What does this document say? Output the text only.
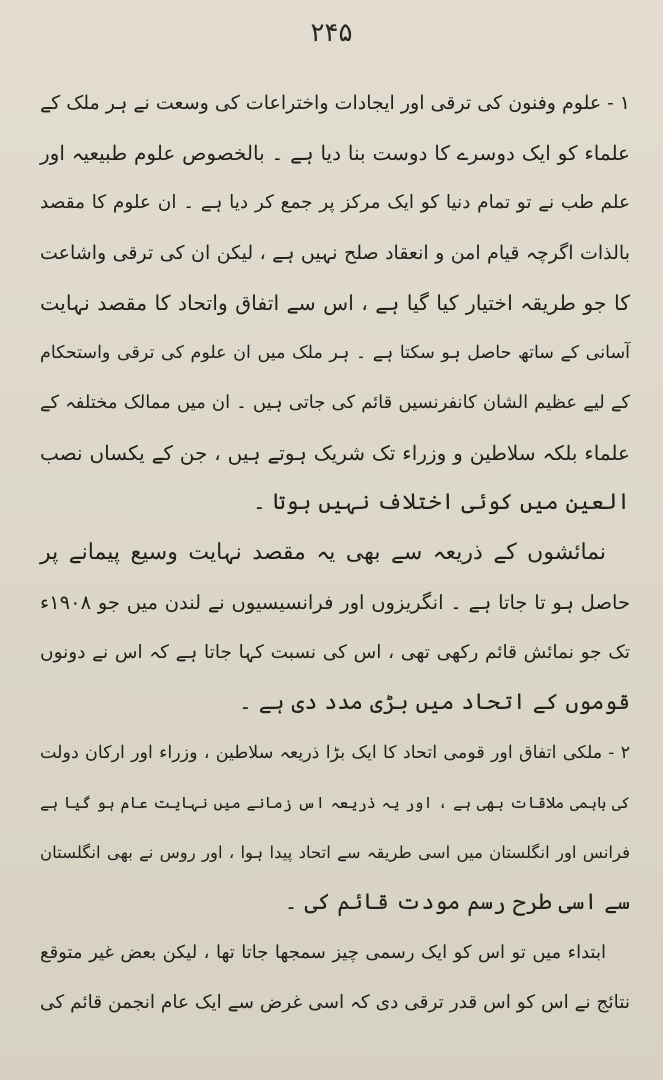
۲۴۵
۱ - علوم وفنون کی ترقی اور ایجادات واختراعات کی وسعت نے ہر ملک کے
علماء کو ایک دوسرے کا دوست بنا دیا ہے ۔ بالخصوص علوم طبیعیہ اور
علم طب نے تو تمام دنیا کو ایک مرکز پر جمع کر دیا ہے ۔ ان علوم کا مقصد
بالذات اگرچہ قیام امن و انعقاد صلح نہیں ہے ، لیکن ان کی ترقی واشاعت
کا جو طریقہ اختیار کیا گیا ہے ، اس سے اتفاق واتحاد کا مقصد نہایت
آسانی کے ساتھ حاصل ہو سکتا ہے ۔ ہر ملک میں ان علوم کی ترقی واستحکام
کے لیے عظیم الشان کانفرنسیں قائم کی جاتی ہیں ۔ ان میں ممالک مختلفہ کے
علماء بلکہ سلاطین و وزراء تک شریک ہوتے ہیں ، جن کے یکساں نصب
العین میں کوئی اختلاف نہیں ہوتا ۔
نمائشوں کے ذریعہ سے بھی یہ مقصد نہایت وسیع پیمانے پر
حاصل ہو تا جاتا ہے ۔ انگریزوں اور فرانسیسیوں نے لندن میں جو ۱۹۰۸ء
تک جو نمائش قائم رکھی تھی ، اس کی نسبت کہا جاتا ہے کہ اس نے دونوں
قوموں کے اتحاد میں بڑی مدد دی ہے ۔
۲ - ملکی اتفاق اور قومی اتحاد کا ایک بڑا ذریعہ سلاطین ، وزراء اور ارکان دولت
کی باہمی ملاقات بھی ہے ، اور یہ ذریعہ اس زمانے میں نہایت عام ہو گیا ہے
فرانس اور انگلستان میں اسی طریقہ سے اتحاد پیدا ہوا ، اور روس نے بھی انگلستان
سے اسی طرح رسم مودت قائم کی ۔
ابتداء میں تو اس کو ایک رسمی چیز سمجھا جاتا تھا ، لیکن بعض غیر متوقع
نتائج نے اس کو اس قدر ترقی دی کہ اسی غرض سے ایک عام انجمن قائم کی
